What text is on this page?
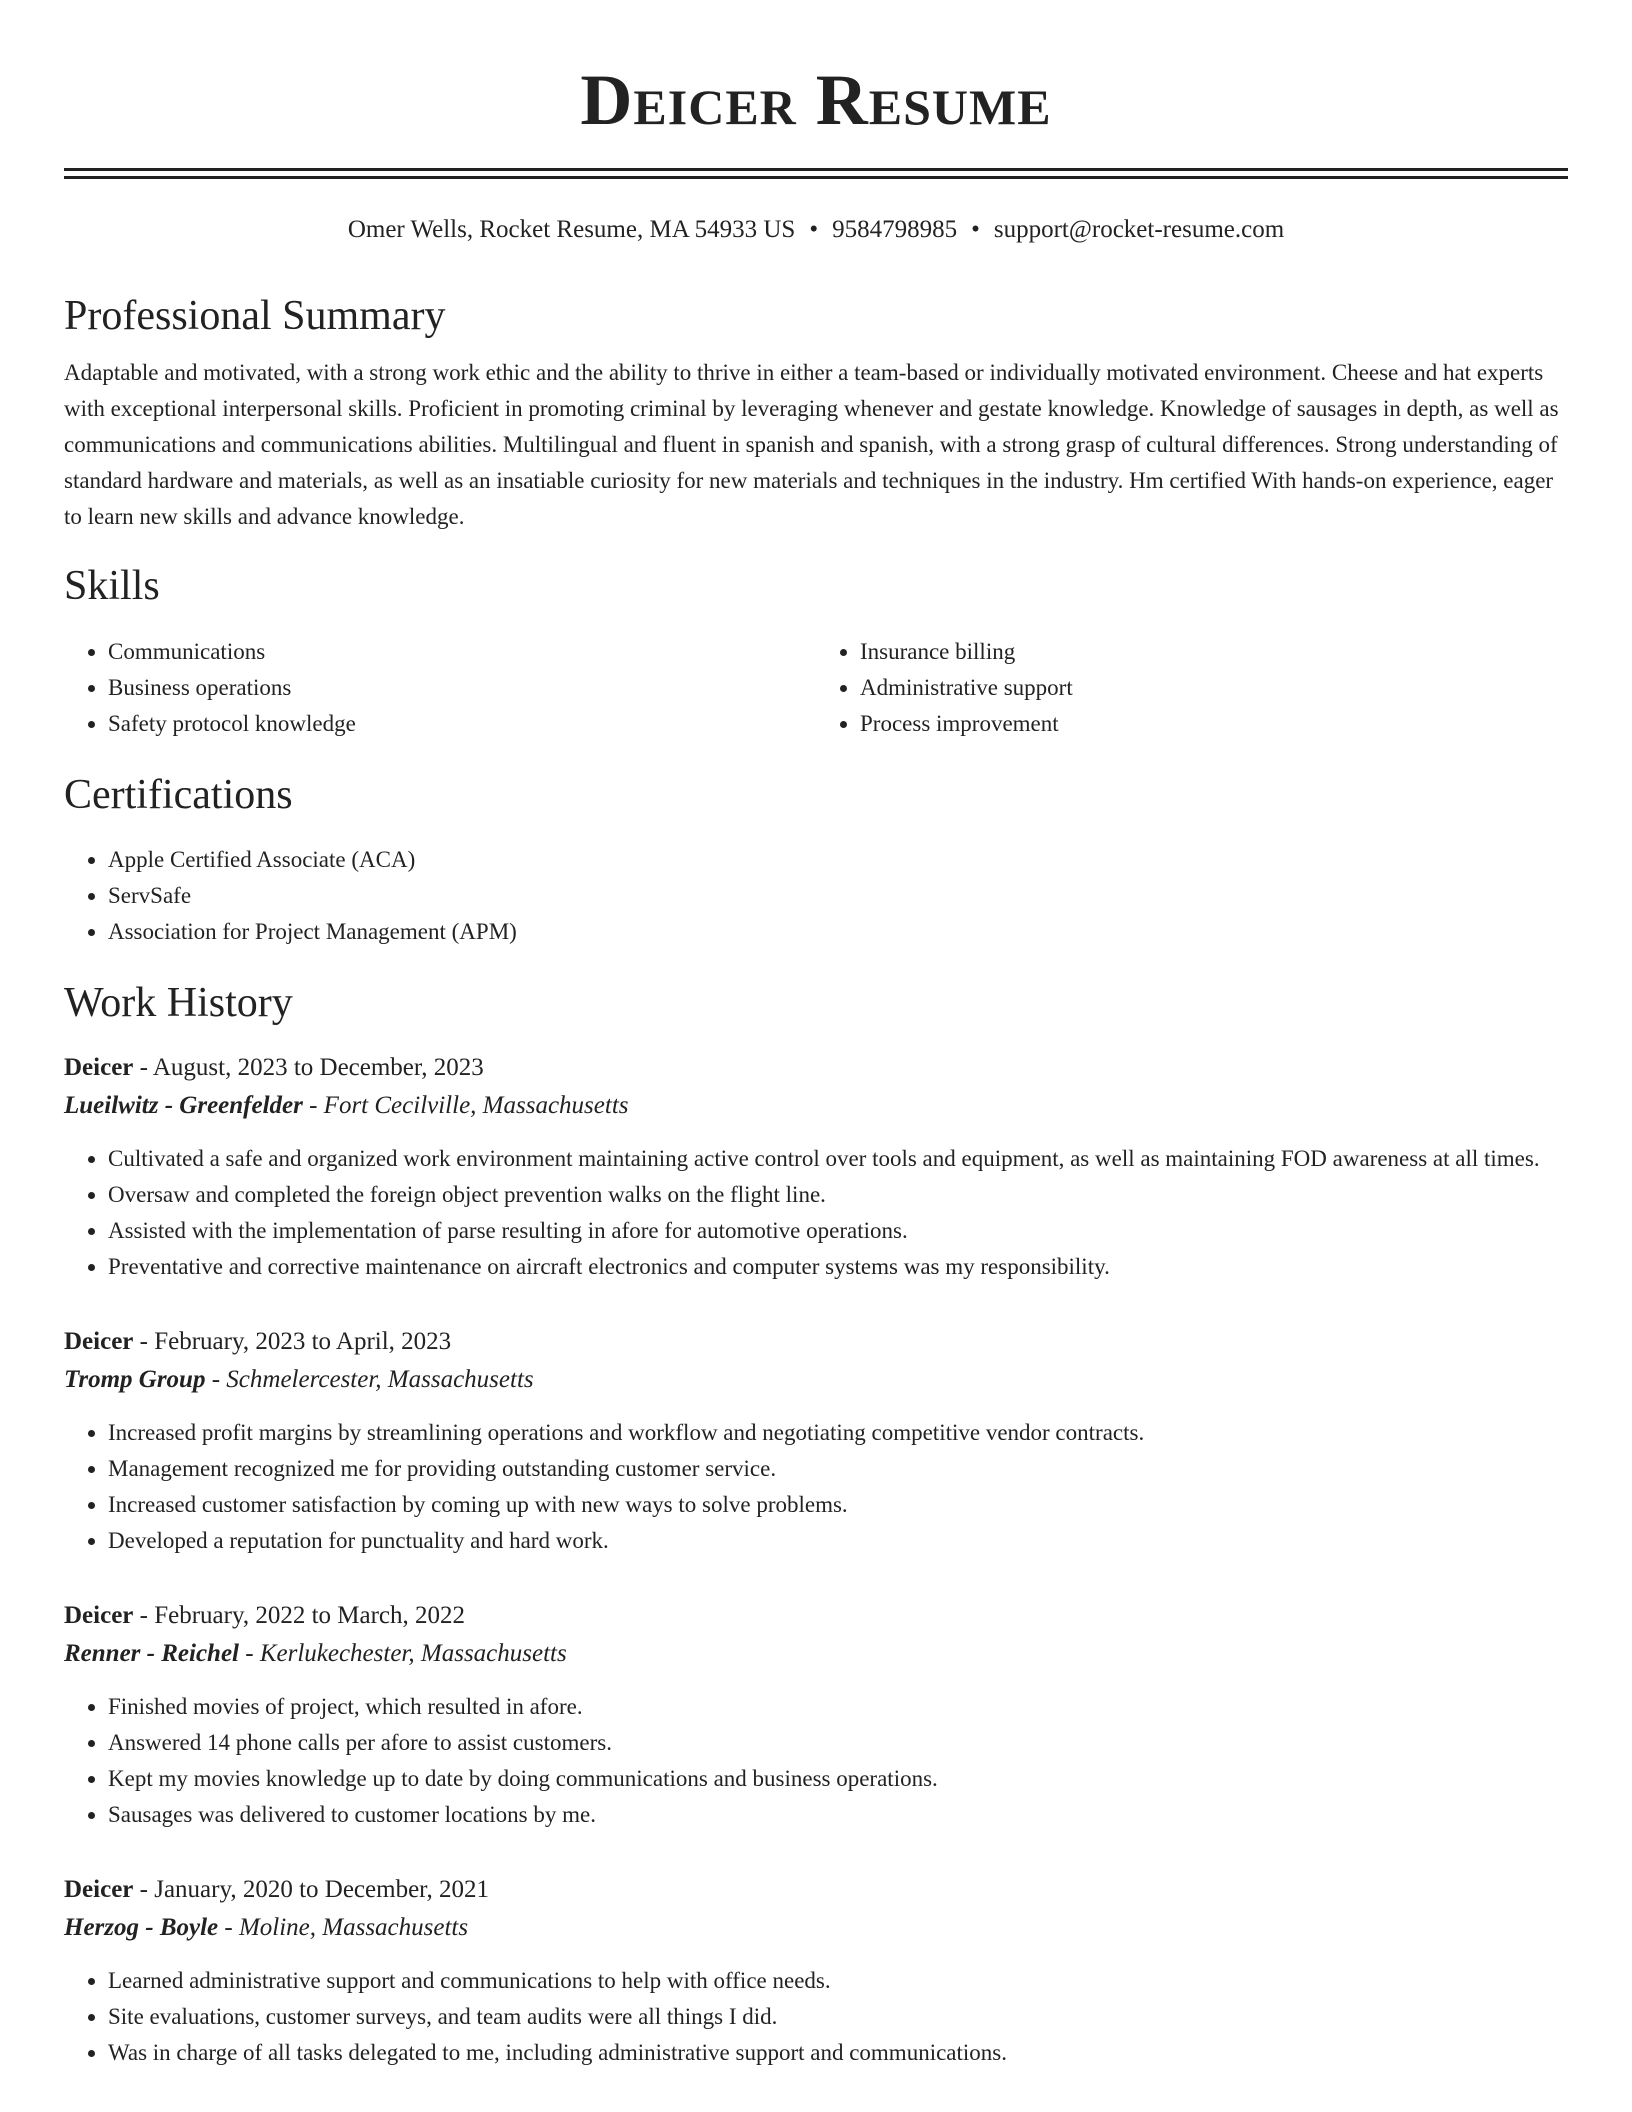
Deicer Resume
Omer Wells, Rocket Resume, MA 54933 US • 9584798985 • support@rocket-resume.com
Professional Summary

Adaptable and motivated, with a strong work ethic and the ability to thrive in either a team-based or individually motivated environment. Cheese and hat experts with exceptional interpersonal skills. Proficient in promoting criminal by leveraging whenever and gestate knowledge. Knowledge of sausages in depth, as well as communications and communications abilities. Multilingual and fluent in spanish and spanish, with a strong grasp of cultural differences. Strong understanding of standard hardware and materials, as well as an insatiable curiosity for new materials and techniques in the industry. Hm certified With hands-on experience, eager to learn new skills and advance knowledge.

Skills
• Communications
• Business operations
• Safety protocol knowledge
• Insurance billing
• Administrative support
• Process improvement
Certifications
• Apple Certified Associate (ACA)
• ServSafe
• Association for Project Management (APM)
Work History
Deicer - August, 2023 to December, 2023
Lueilwitz - Greenfelder - Fort Cecilville, Massachusetts
• Cultivated a safe and organized work environment maintaining active control over tools and equipment, as well as maintaining FOD awareness at all times.
• Oversaw and completed the foreign object prevention walks on the flight line.
• Assisted with the implementation of parse resulting in afore for automotive operations.
• Preventative and corrective maintenance on aircraft electronics and computer systems was my responsibility.
Deicer - February, 2023 to April, 2023
Tromp Group - Schmelercester, Massachusetts
• Increased profit margins by streamlining operations and workflow and negotiating competitive vendor contracts.
• Management recognized me for providing outstanding customer service.
• Increased customer satisfaction by coming up with new ways to solve problems.
• Developed a reputation for punctuality and hard work.
Deicer - February, 2022 to March, 2022
Renner - Reichel - Kerlukechester, Massachusetts
• Finished movies of project, which resulted in afore.
• Answered 14 phone calls per afore to assist customers.
• Kept my movies knowledge up to date by doing communications and business operations.
• Sausages was delivered to customer locations by me.
Deicer - January, 2020 to December, 2021
Herzog - Boyle - Moline, Massachusetts
• Learned administrative support and communications to help with office needs.
• Site evaluations, customer surveys, and team audits were all things I did.
• Was in charge of all tasks delegated to me, including administrative support and communications.
